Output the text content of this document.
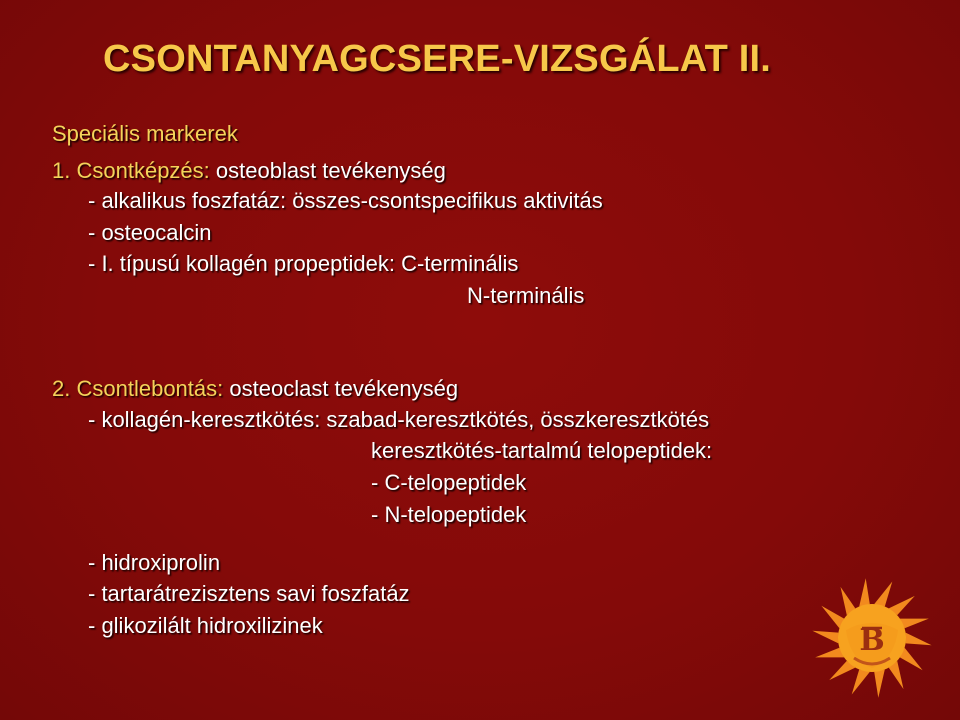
CSONTANYAGCSERE-VIZSGÁLAT II.
Speciális markerek
1. Csontképzés: osteoblast tevékenység
- alkalikus foszfatáz: összes-csontspecifikus aktivitás
- osteocalcin
- I. típusú kollagén propeptidek: C-terminális
N-terminális
2. Csontlebontás: osteoclast tevékenység
- kollagén-keresztkötés: szabad-keresztkötés, összkeresztkötés
keresztkötés-tartalmú telopeptidek:
- C-telopeptidek
- N-telopeptidek
- hidroxiprolin
- tartarátrezisztens savi foszfatáz
- glikozilált hidroxilizinek	B
